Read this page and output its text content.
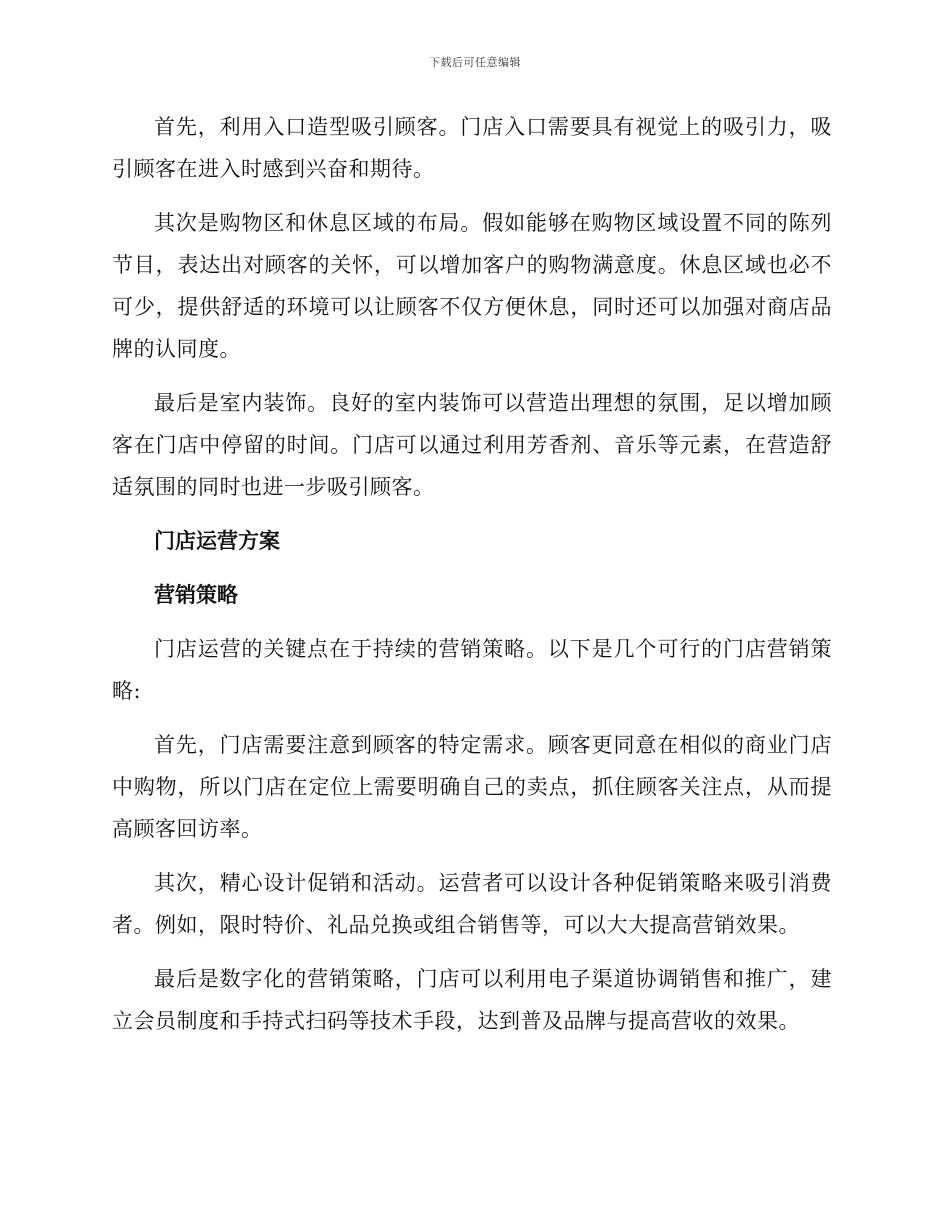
下载后可任意编辑

首先，利用入口造型吸引顾客。门店入口需要具有视觉上的吸引力，吸引顾客在进入时感到兴奋和期待。

其次是购物区和休息区域的布局。假如能够在购物区域设置不同的陈列节目，表达出对顾客的关怀，可以增加客户的购物满意度。休息区域也必不可少，提供舒适的环境可以让顾客不仅方便休息，同时还可以加强对商店品牌的认同度。

最后是室内装饰。良好的室内装饰可以营造出理想的氛围，足以增加顾客在门店中停留的时间。门店可以通过利用芳香剂、音乐等元素，在营造舒适氛围的同时也进一步吸引顾客。

门店运营方案

营销策略

门店运营的关键点在于持续的营销策略。以下是几个可行的门店营销策略:

首先，门店需要注意到顾客的特定需求。顾客更同意在相似的商业门店中购物，所以门店在定位上需要明确自己的卖点，抓住顾客关注点，从而提高顾客回访率。

其次，精心设计促销和活动。运营者可以设计各种促销策略来吸引消费者。例如，限时特价、礼品兑换或组合销售等，可以大大提高营销效果。

最后是数字化的营销策略，门店可以利用电子渠道协调销售和推广，建立会员制度和手持式扫码等技术手段，达到普及品牌与提高营收的效果。
